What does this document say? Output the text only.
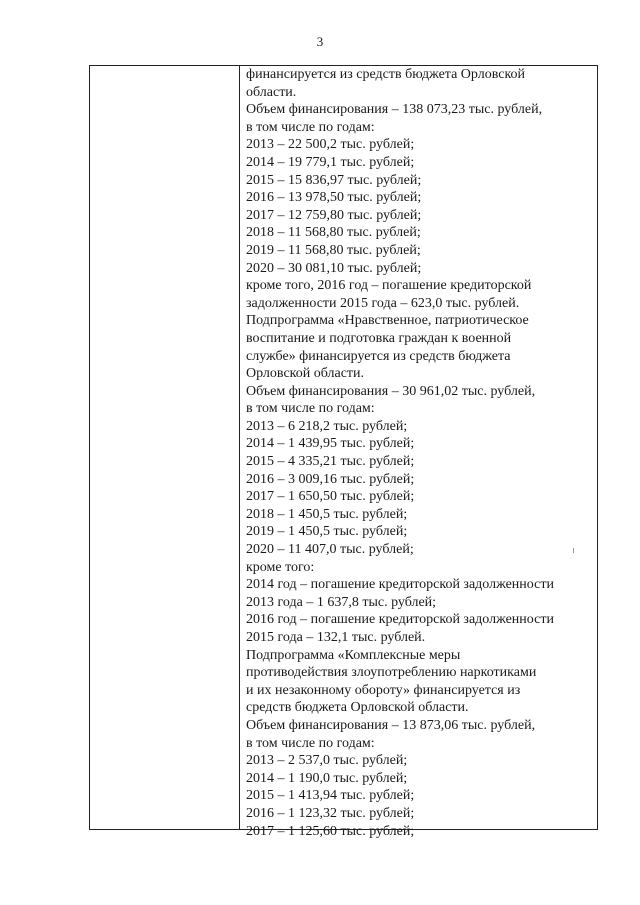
3
финансируется из средств бюджета Орловской
области.
Объем финансирования – 138 073,23 тыс. рублей,
в том числе по годам:
2013 – 22 500,2 тыс. рублей;
2014 – 19 779,1 тыс. рублей;
2015 – 15 836,97 тыс. рублей;
2016 – 13 978,50 тыс. рублей;
2017 – 12 759,80 тыс. рублей;
2018 – 11 568,80 тыс. рублей;
2019 – 11 568,80 тыс. рублей;
2020 – 30 081,10 тыс. рублей;
кроме того, 2016 год – погашение кредиторской
задолженности 2015 года – 623,0 тыс. рублей.
Подпрограмма «Нравственное, патриотическое
воспитание и подготовка граждан к военной
службе» финансируется из средств бюджета
Орловской области.
Объем финансирования – 30 961,02 тыс. рублей,
в том числе по годам:
2013 – 6 218,2 тыс. рублей;
2014 – 1 439,95 тыс. рублей;
2015 – 4 335,21 тыс. рублей;
2016 – 3 009,16 тыс. рублей;
2017 – 1 650,50 тыс. рублей;
2018 – 1 450,5 тыс. рублей;
2019 – 1 450,5 тыс. рублей;
2020 – 11 407,0 тыс. рублей;
кроме того:
2014 год – погашение кредиторской задолженности
2013 года – 1 637,8 тыс. рублей;
2016 год – погашение кредиторской задолженности
2015 года – 132,1 тыс. рублей.
Подпрограмма «Комплексные меры
противодействия злоупотреблению наркотиками
и их незаконному обороту» финансируется из
средств бюджета Орловской области.
Объем финансирования – 13 873,06 тыс. рублей,
в том числе по годам:
2013 – 2 537,0 тыс. рублей;
2014 – 1 190,0 тыс. рублей;
2015 – 1 413,94 тыс. рублей;
2016 – 1 123,32 тыс. рублей;
2017 – 1 125,60 тыс. рублей;
